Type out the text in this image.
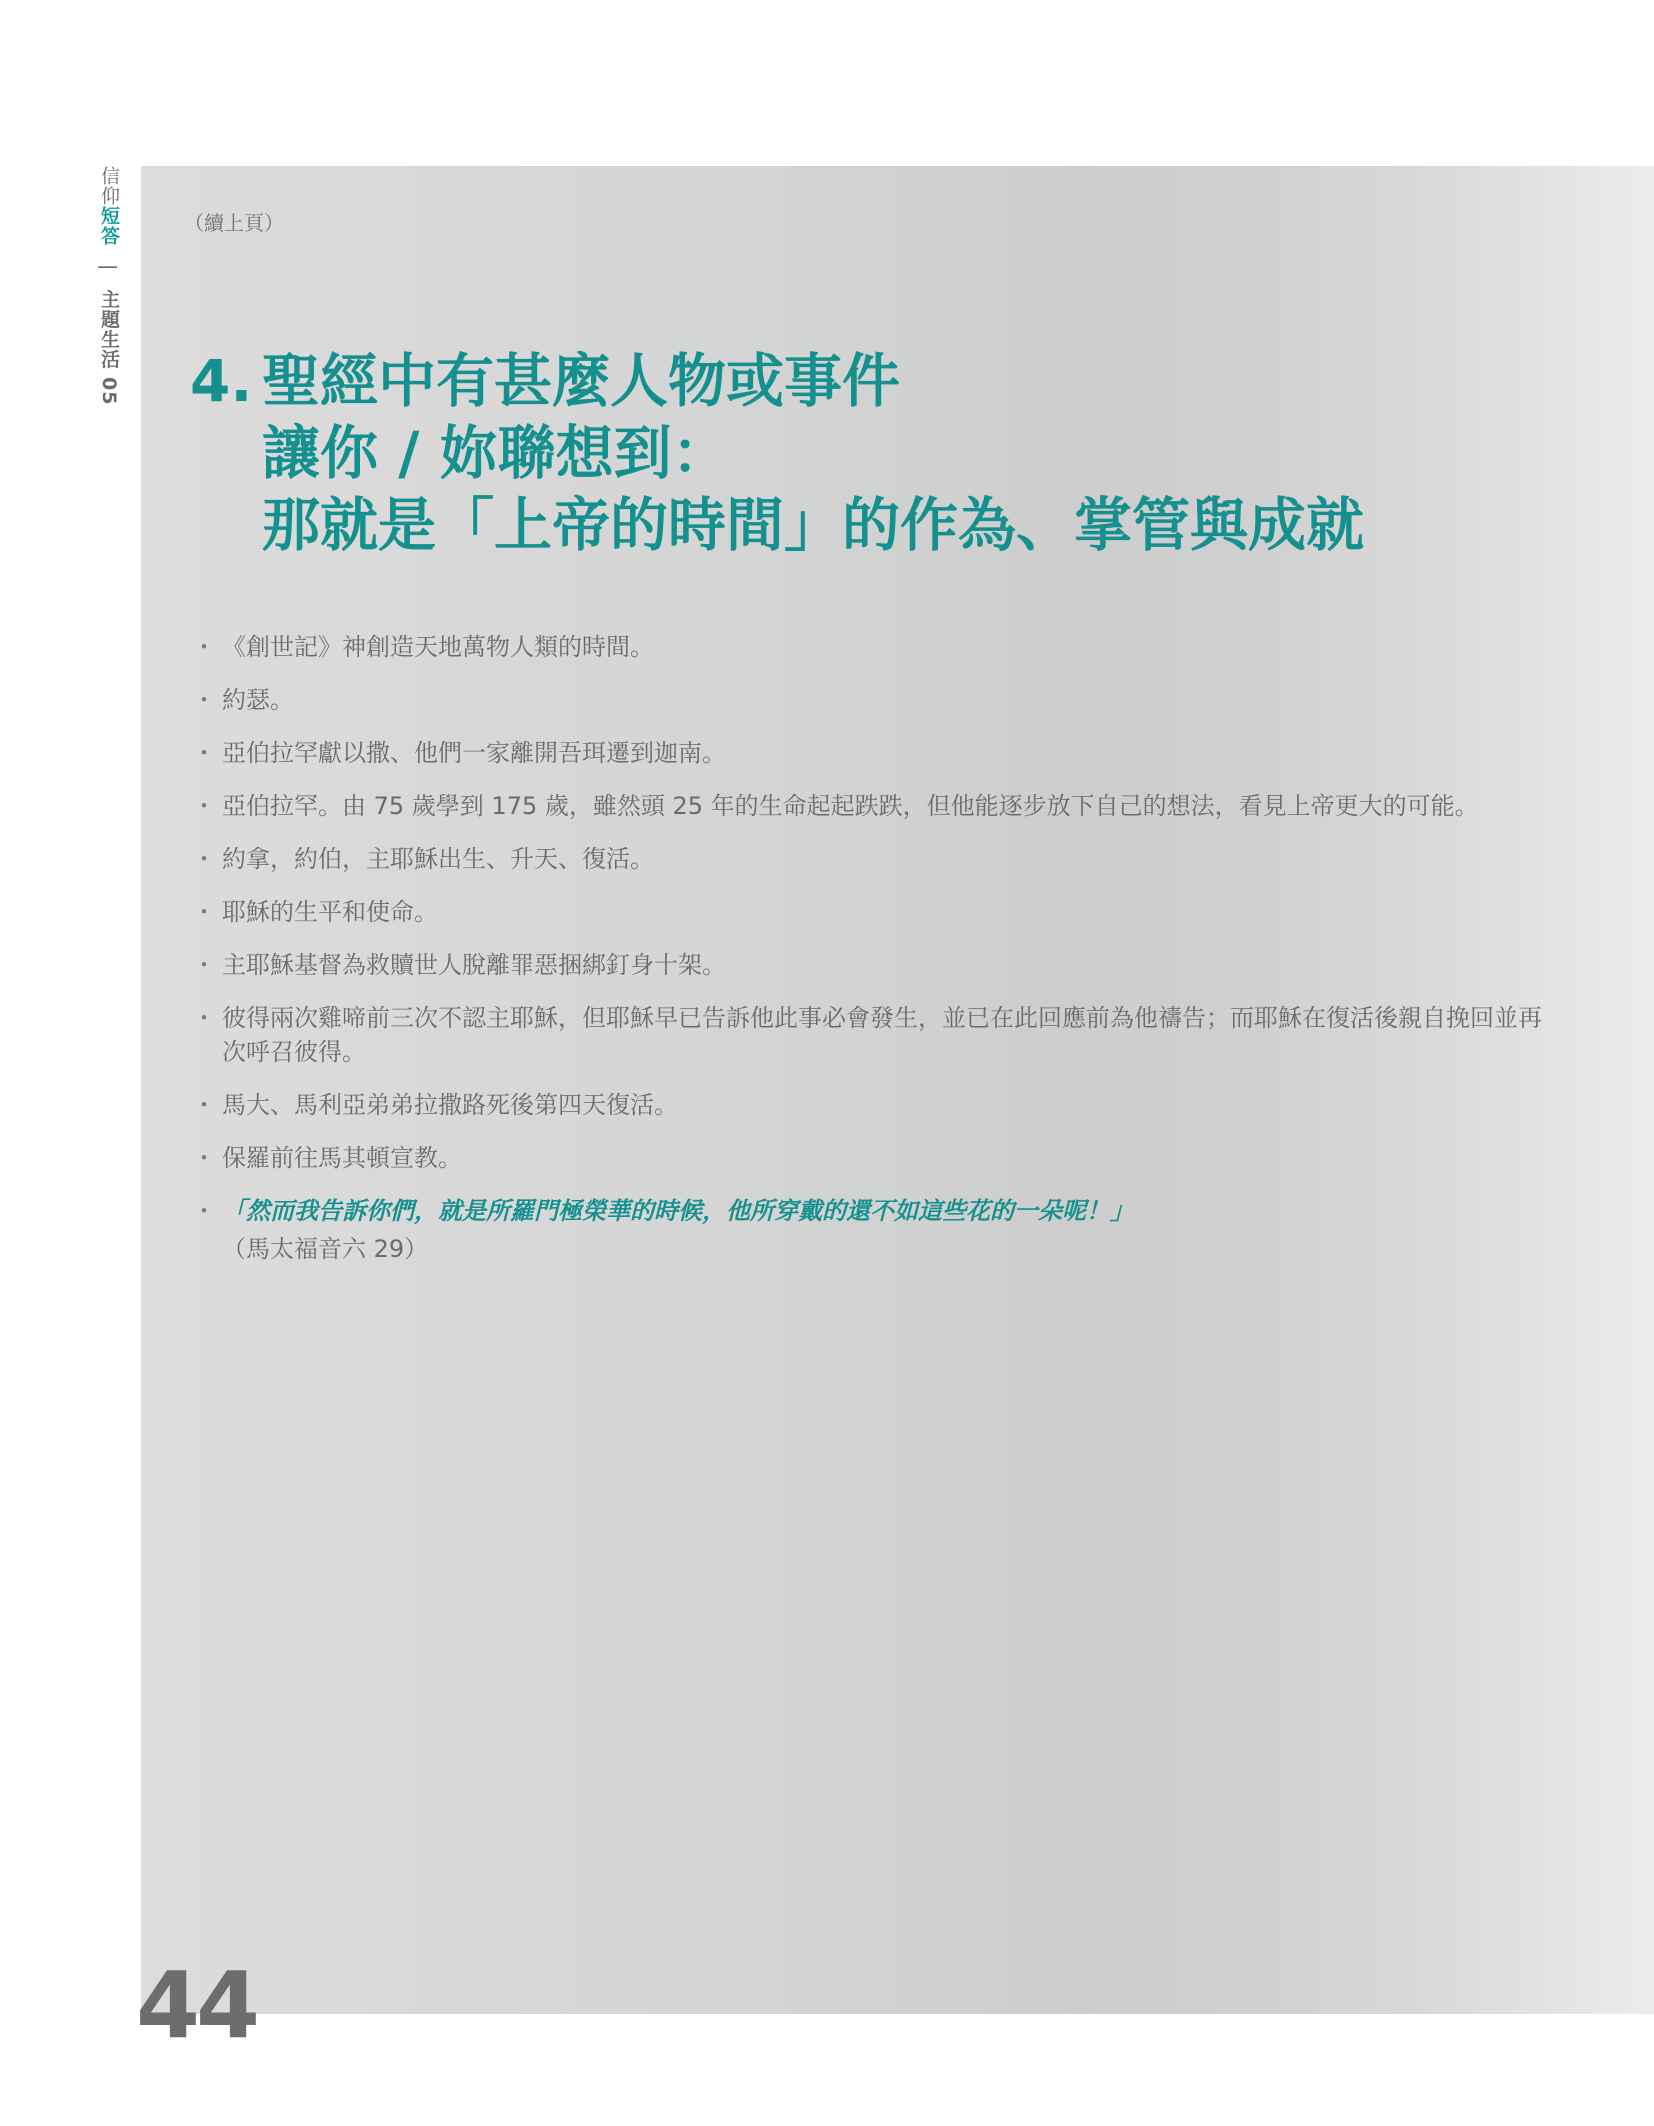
信仰短答|主題生活 05
（續上頁）
4. 聖經中有甚麼人物或事件
讓你 / 妳聯想到：
那就是「上帝的時間」的作為、掌管與成就
・ 《創世記》神創造天地萬物人類的時間。
・ 約瑟。
・ 亞伯拉罕獻以撒、他們一家離開吾珥遷到迦南。
・ 亞伯拉罕。由 75 歲學到 175 歲，雖然頭 25 年的生命起起跌跌，但他能逐步放下自己的想法，看見上帝更大的可能。
・ 約拿，約伯，主耶穌出生、升天、復活。
・ 耶穌的生平和使命。
・ 主耶穌基督為救贖世人脫離罪惡捆綁釘身十架。
・ 彼得兩次雞啼前三次不認主耶穌，但耶穌早已告訴他此事必會發生，並已在此回應前為他禱告；而耶穌在復活後親自挽回並再次呼召彼得。
・ 馬大、馬利亞弟弟拉撒路死後第四天復活。
・ 保羅前往馬其頓宣教。
・ 「然而我告訴你們，就是所羅門極榮華的時候，他所穿戴的還不如這些花的一朵呢！」
（馬太福音六 29）
44
